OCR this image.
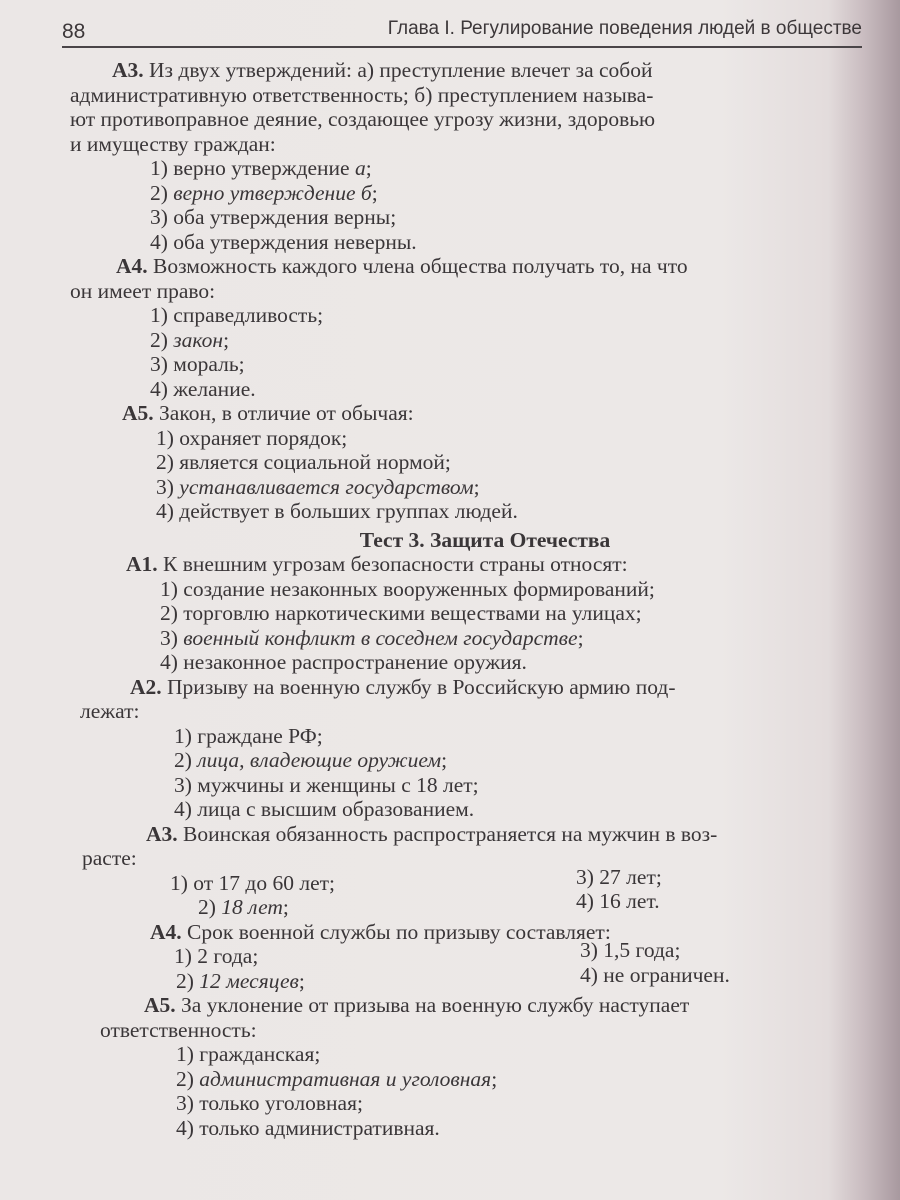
88	Глава I. Регулирование поведения людей в обществе
A3. Из двух утверждений: а) преступление влечет за собой
административную ответственность; б) преступлением называ-
ют противоправное деяние, создающее угрозу жизни, здоровью
и имуществу граждан:
1) верно утверждение а;
2) верно утверждение б;
3) оба утверждения верны;
4) оба утверждения неверны.
А4. Возможность каждого члена общества получать то, на что
он имеет право:
1) справедливость;
2) закон;
3) мораль;
4) желание.
А5. Закон, в отличие от обычая:
1) охраняет порядок;
2) является социальной нормой;
3) устанавливается государством;
4) действует в больших группах людей.
Тест 3. Защита Отечества
А1. К внешним угрозам безопасности страны относят:
1) создание незаконных вооруженных формирований;
2) торговлю наркотическими веществами на улицах;
3) военный конфликт в соседнем государстве;
4) незаконное распространение оружия.
А2. Призыву на военную службу в Российскую армию под-
лежат:
1) граждане РФ;
2) лица, владеющие оружием;
3) мужчины и женщины с 18 лет;
4) лица с высшим образованием.
А3. Воинская обязанность распространяется на мужчин в воз-
расте:
1) от 17 до 60 лет;
2) 18 лет;
3) 27 лет;
4) 16 лет.
А4. Срок военной службы по призыву составляет:
1) 2 года;
2) 12 месяцев;
3) 1,5 года;
4) не ограничен.
А5. За уклонение от призыва на военную службу наступает
ответственность:
1) гражданская;
2) административная и уголовная;
3) только уголовная;
4) только административная.
